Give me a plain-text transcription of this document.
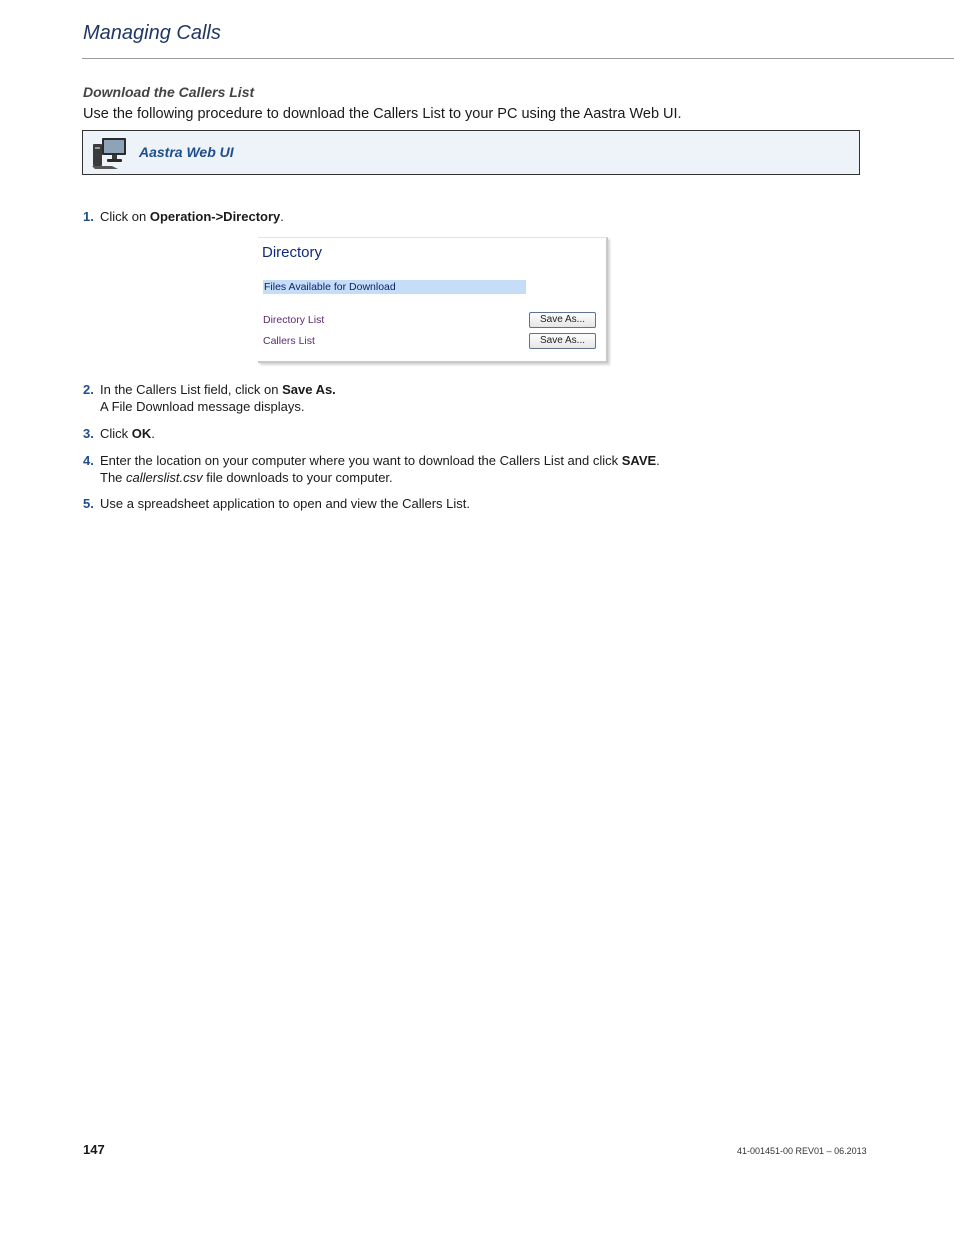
Managing Calls
Download the Callers List
Use the following procedure to download the Callers List to your PC using the Aastra Web UI.
Aastra Web UI
1. Click on Operation->Directory.
Directory
Files Available for Download
Directory List	Save As...
Callers List	Save As...
2. In the Callers List field, click on Save As.
A File Download message displays.
3. Click OK.
4. Enter the location on your computer where you want to download the Callers List and click SAVE.
The callerslist.csv file downloads to your computer.
5. Use a spreadsheet application to open and view the Callers List.
147	41-001451-00 REV01 – 06.2013
